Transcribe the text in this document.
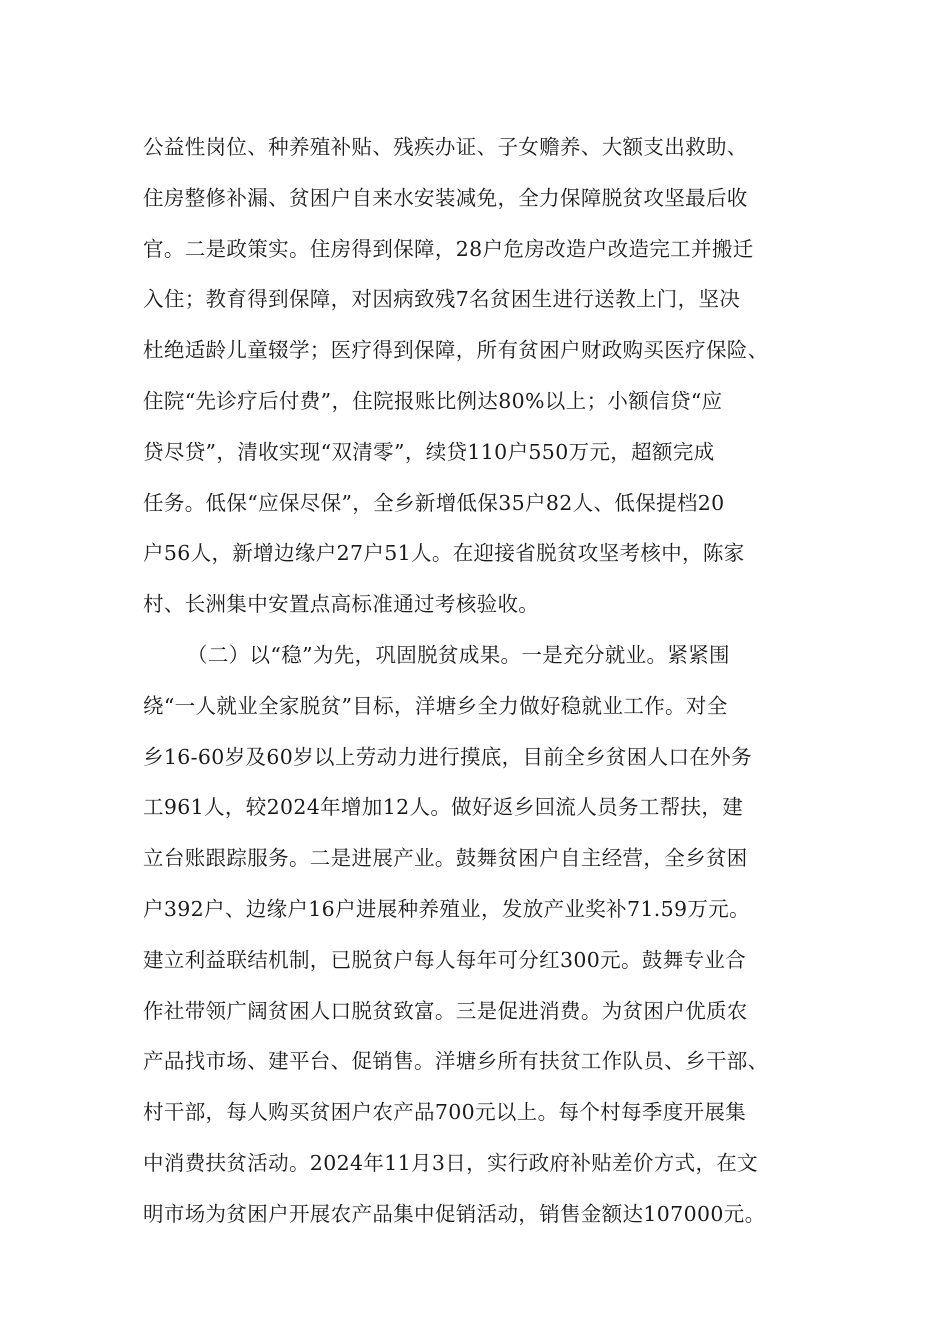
公益性岗位、种养殖补贴、残疾办证、子女赡养、大额支出救助、
住房整修补漏、贫困户自来水安装减免，全力保障脱贫攻坚最后收
官。二是政策实。住房得到保障，28户危房改造户改造完工并搬迁
入住；教育得到保障，对因病致残7名贫困生进行送教上门，坚决
杜绝适龄儿童辍学；医疗得到保障，所有贫困户财政购买医疗保险、
住院“先诊疗后付费”，住院报账比例达80%以上；小额信贷“应
贷尽贷”，清收实现“双清零”，续贷110户550万元，超额完成
任务。低保“应保尽保”，全乡新增低保35户82人、低保提档20
户56人，新增边缘户27户51人。在迎接省脱贫攻坚考核中，陈家
村、长洲集中安置点高标准通过考核验收。
（二）以“稳”为先，巩固脱贫成果。一是充分就业。紧紧围
绕“一人就业全家脱贫”目标，洋塘乡全力做好稳就业工作。对全
乡16-60岁及60岁以上劳动力进行摸底，目前全乡贫困人口在外务
工961人，较2024年增加12人。做好返乡回流人员务工帮扶，建
立台账跟踪服务。二是进展产业。鼓舞贫困户自主经营，全乡贫困
户392户、边缘户16户进展种养殖业，发放产业奖补71.59万元。
建立利益联结机制，已脱贫户每人每年可分红300元。鼓舞专业合
作社带领广阔贫困人口脱贫致富。三是促进消费。为贫困户优质农
产品找市场、建平台、促销售。洋塘乡所有扶贫工作队员、乡干部、
村干部，每人购买贫困户农产品700元以上。每个村每季度开展集
中消费扶贫活动。2024年11月3日，实行政府补贴差价方式，在文
明市场为贫困户开展农产品集中促销活动，销售金额达107000元。
